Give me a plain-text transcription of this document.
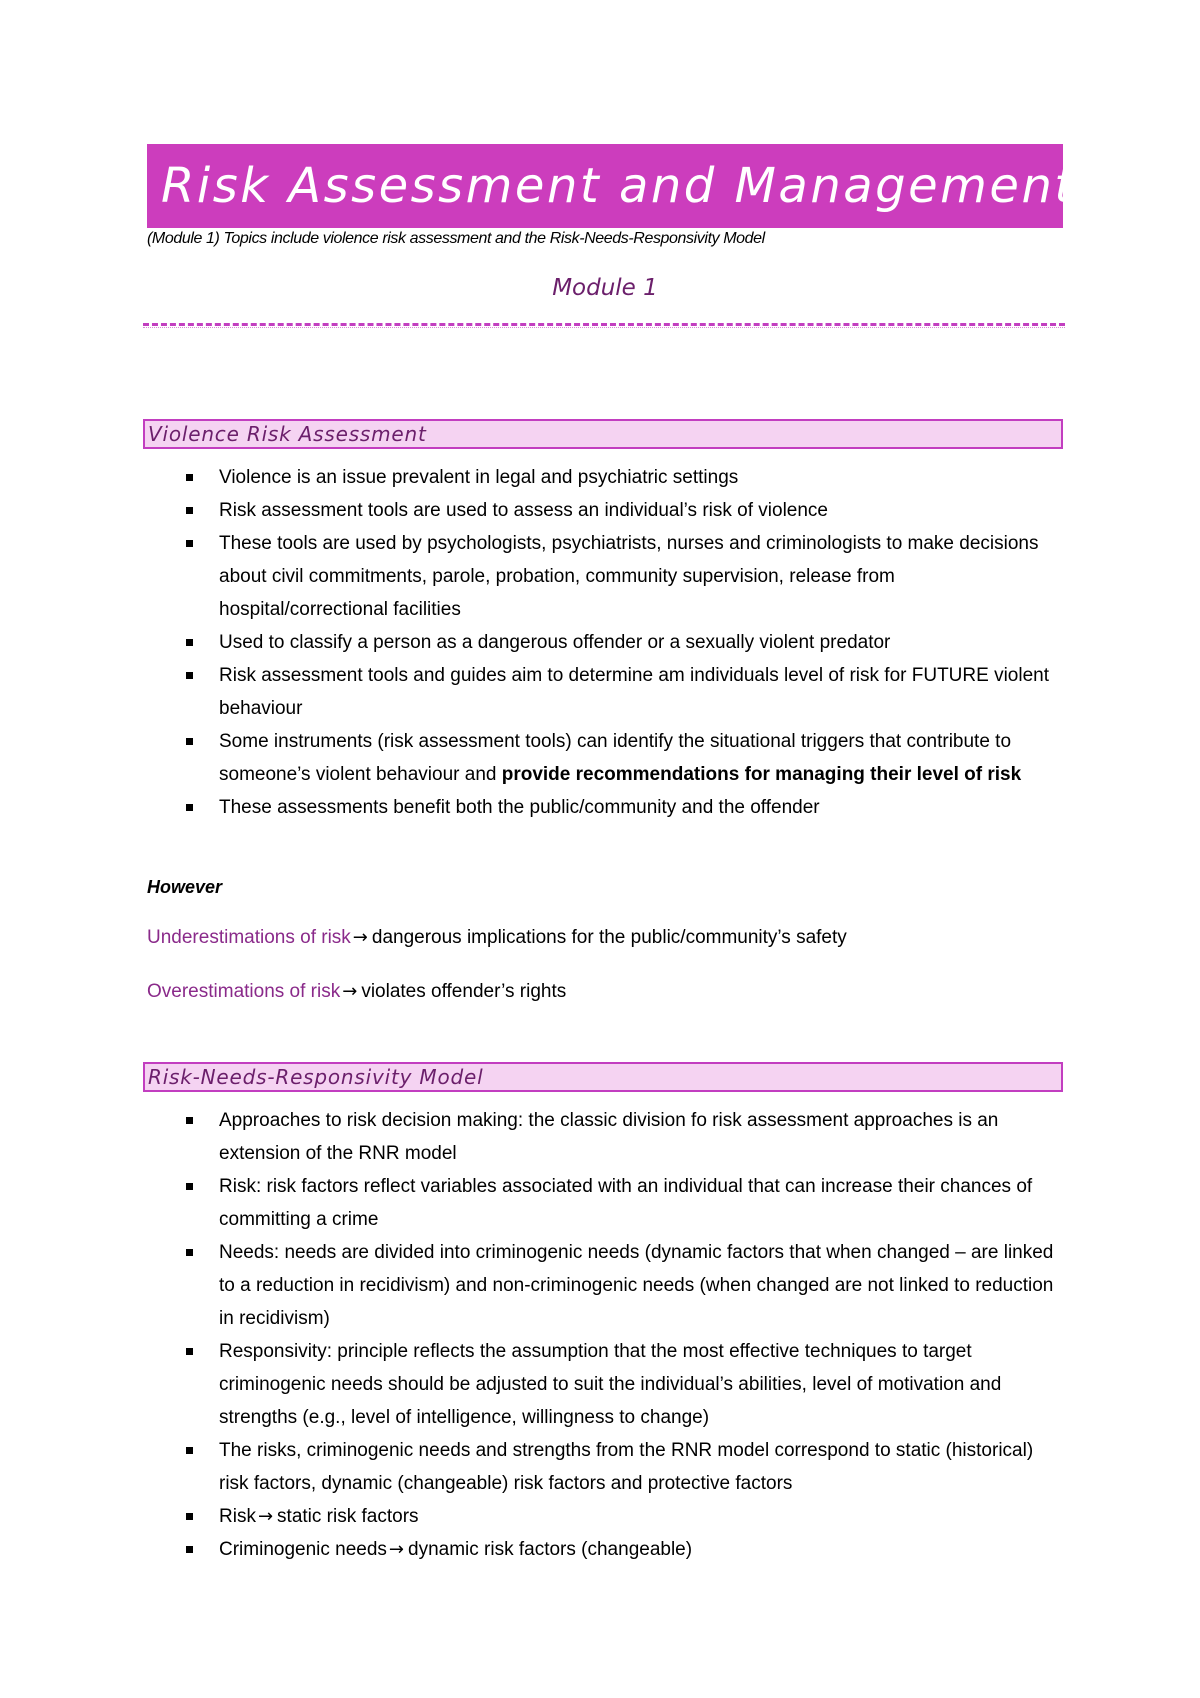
Risk Assessment and Management
(Module 1) Topics include violence risk assessment and the Risk-Needs-Responsivity Model
Module 1
Violence Risk Assessment
Violence is an issue prevalent in legal and psychiatric settings
Risk assessment tools are used to assess an individual’s risk of violence
These tools are used by psychologists, psychiatrists, nurses and criminologists to make decisions about civil commitments, parole, probation, community supervision, release from hospital/correctional facilities
Used to classify a person as a dangerous offender or a sexually violent predator
Risk assessment tools and guides aim to determine am individuals level of risk for FUTURE violent behaviour
Some instruments (risk assessment tools) can identify the situational triggers that contribute to someone’s violent behaviour and provide recommendations for managing their level of risk
These assessments benefit both the public/community and the offender
However
Underestimations of risk → dangerous implications for the public/community’s safety
Overestimations of risk → violates offender’s rights
Risk-Needs-Responsivity Model
Approaches to risk decision making: the classic division fo risk assessment approaches is an extension of the RNR model
Risk: risk factors reflect variables associated with an individual that can increase their chances of committing a crime
Needs: needs are divided into criminogenic needs (dynamic factors that when changed – are linked to a reduction in recidivism) and non-criminogenic needs (when changed are not linked to reduction in recidivism)
Responsivity: principle reflects the assumption that the most effective techniques to target criminogenic needs should be adjusted to suit the individual’s abilities, level of motivation and strengths (e.g., level of intelligence, willingness to change)
The risks, criminogenic needs and strengths from the RNR model correspond to static (historical) risk factors, dynamic (changeable) risk factors and protective factors
Risk → static risk factors
Criminogenic needs → dynamic risk factors (changeable)
